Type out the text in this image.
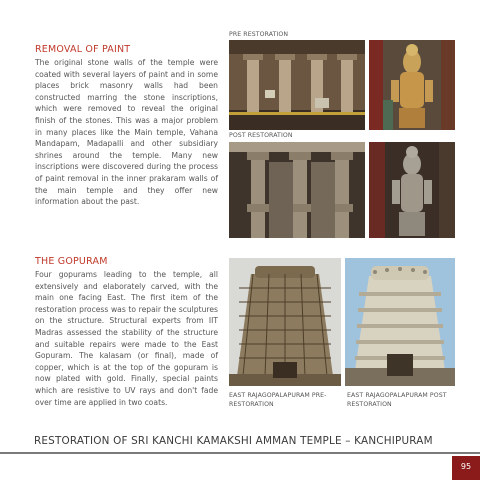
REMOVAL OF PAINT
The original stone walls of the temple were coated with several layers of paint and in some places brick masonry walls had been constructed marring the stone inscriptions, which were removed to reveal the original finish of the stones. This was a major problem in many places like the Main temple, Vahana Mandapam, Madapalli and other subsidiary shrines around the temple. Many new inscriptions were discovered during the process of paint removal in the inner prakaram walls of the main temple and they offer new information about the past.
THE GOPURAM
Four gopurams leading to the temple, all extensively and elaborately carved, with the main one facing East. The first item of the restoration process was to repair the sculptures on the structure. Structural experts from IIT Madras assessed the stability of the structure and suitable repairs were made to the East Gopuram. The kalasam (or final), made of copper, which is at the top of the gopuram is now plated with gold. Finally, special paints which are resistive to UV rays and don't fade over time are applied in two coats.
PRE RESTORATION
POST RESTORATION
EAST RAJAGOPALAPURAM PRE-RESTORATION
EAST RAJAGOPALAPURAM POST RESTORATION
RESTORATION OF SRI KANCHI KAMAKSHI AMMAN TEMPLE – KANCHIPURAM
95
